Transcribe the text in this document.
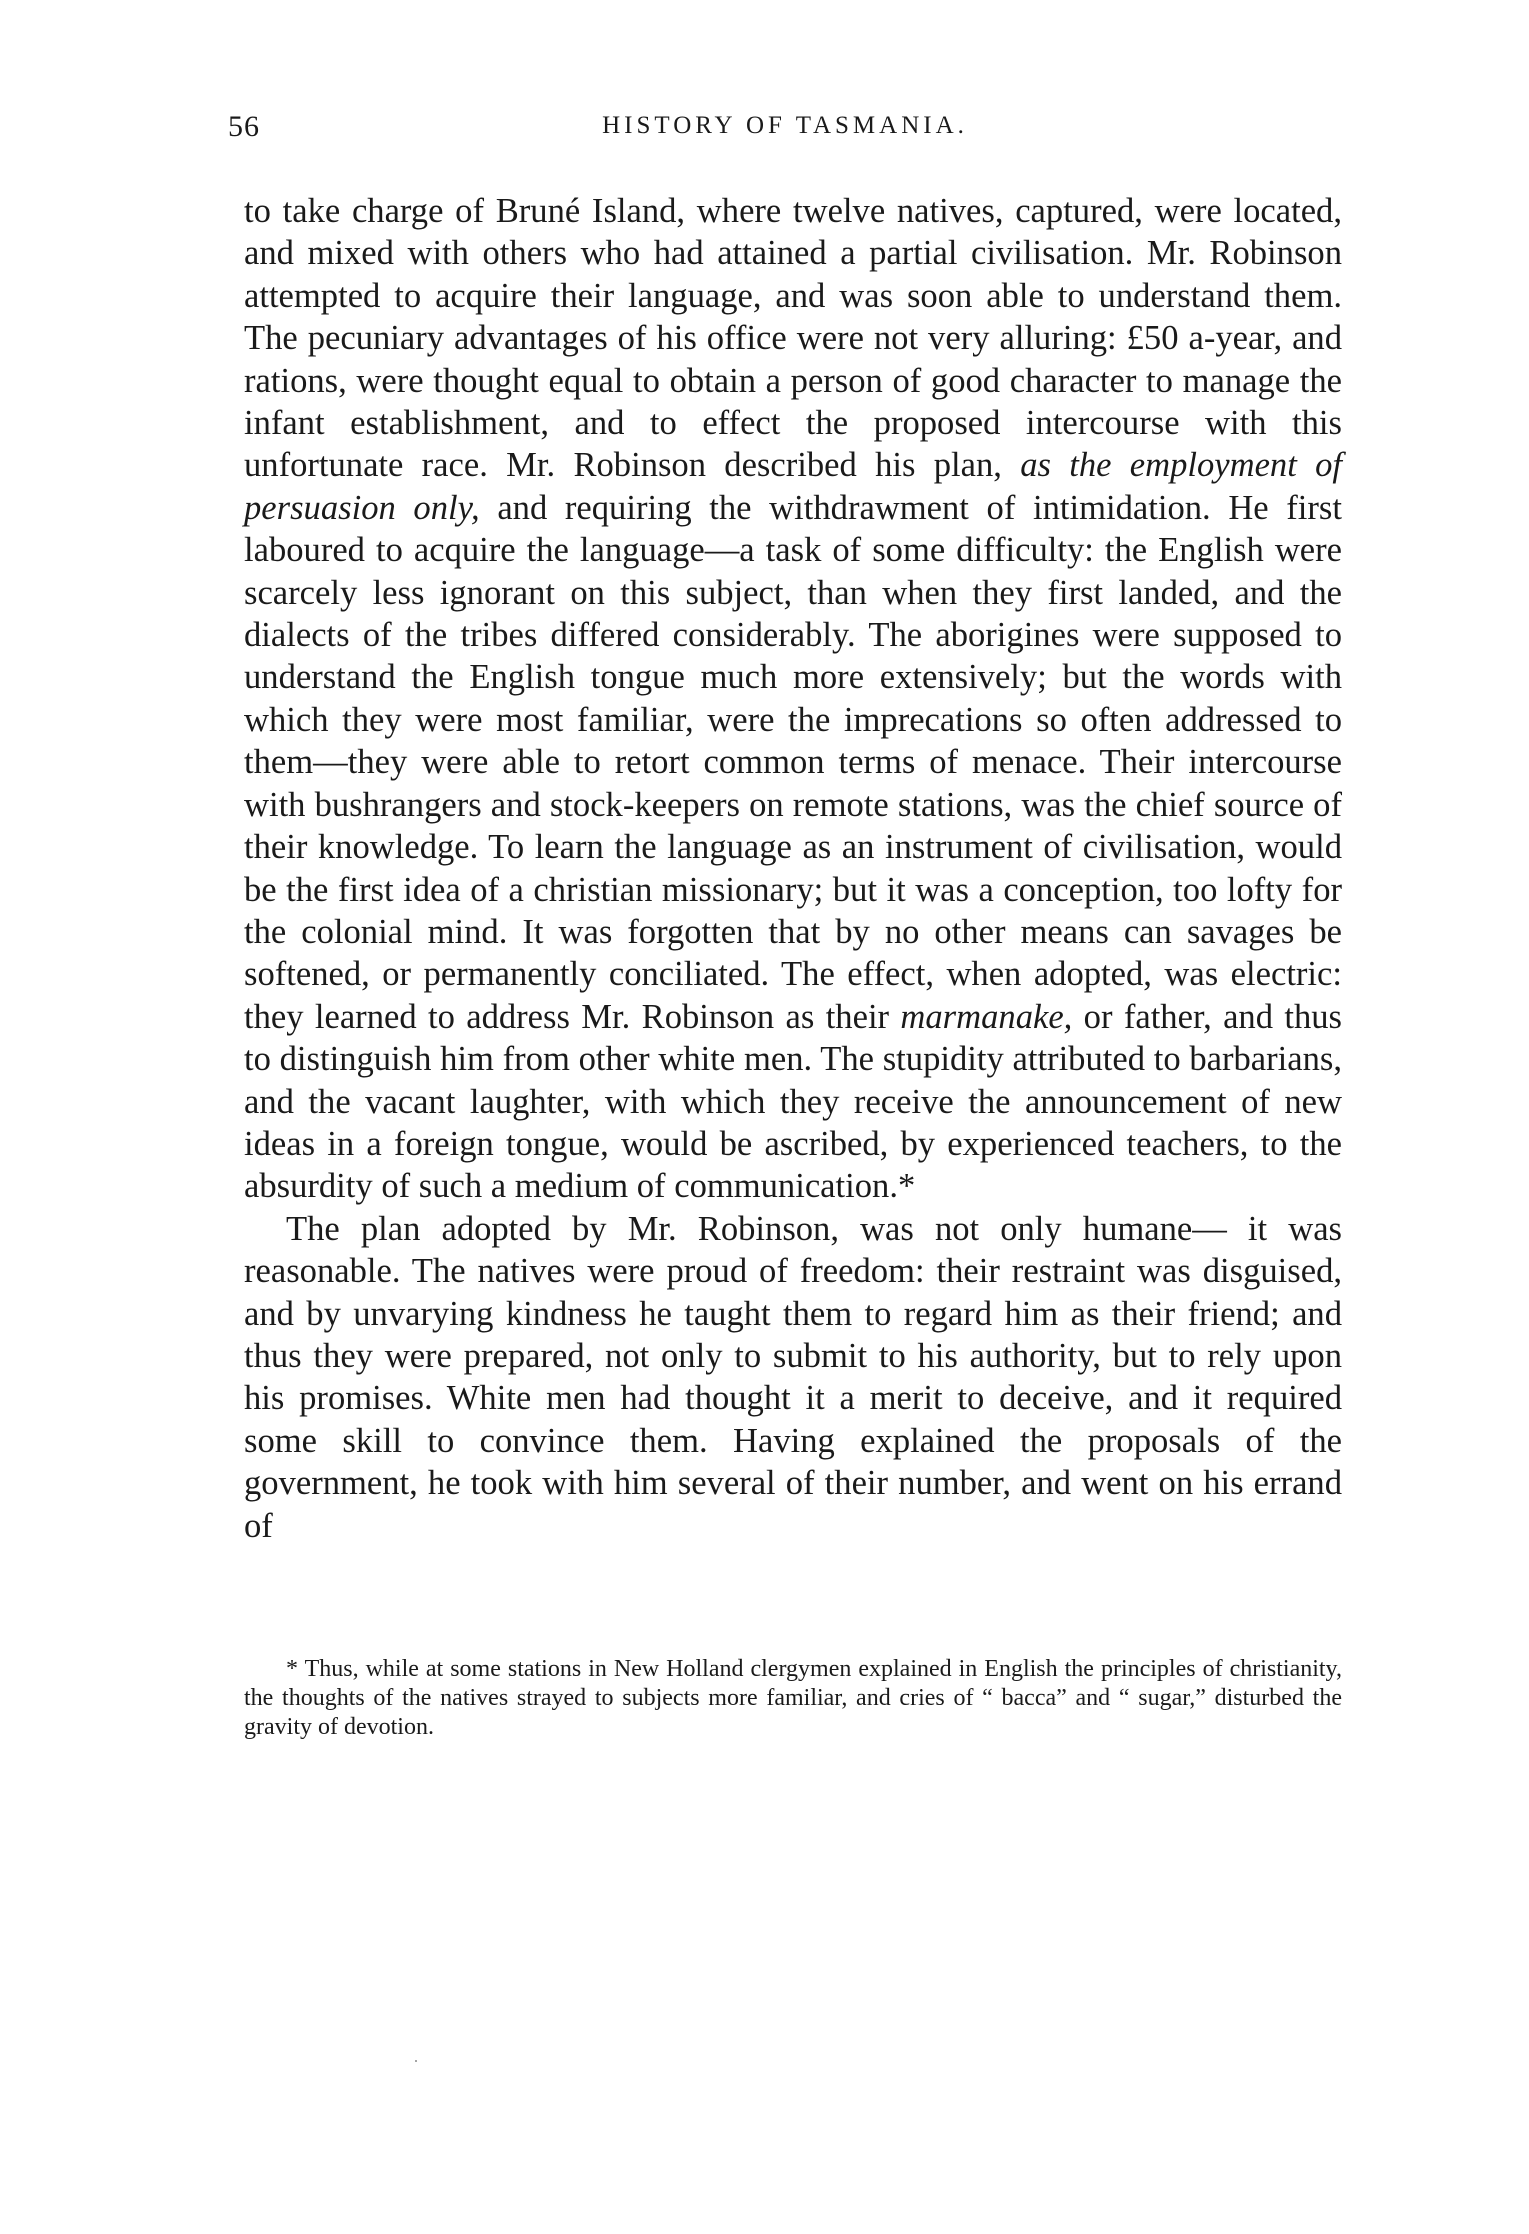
56	HISTORY OF TASMANIA.

to take charge of Bruné Island, where twelve natives, captured, were located, and mixed with others who had attained a partial civilisation. Mr. Robinson attempted to acquire their language, and was soon able to understand them. The pecuniary advantages of his office were not very alluring: £50 a-year, and rations, were thought equal to obtain a person of good character to manage the infant establishment, and to effect the proposed intercourse with this unfortunate race. Mr. Robinson described his plan, as the employment of persuasion only, and requiring the withdrawment of intimidation. He first laboured to acquire the language—a task of some difficulty: the English were scarcely less ignorant on this subject, than when they first landed, and the dialects of the tribes differed considerably. The aborigines were supposed to understand the English tongue much more extensively; but the words with which they were most familiar, were the imprecations so often addressed to them—they were able to retort common terms of menace. Their intercourse with bushrangers and stock-keepers on remote stations, was the chief source of their knowledge. To learn the language as an instrument of civilisation, would be the first idea of a christian missionary; but it was a conception, too lofty for the colonial mind. It was forgotten that by no other means can savages be softened, or permanently conciliated. The effect, when adopted, was electric: they learned to address Mr. Robinson as their marmanake, or father, and thus to distinguish him from other white men. The stupidity attributed to barbarians, and the vacant laughter, with which they receive the announcement of new ideas in a foreign tongue, would be ascribed, by experienced teachers, to the absurdity of such a medium of communication.*

The plan adopted by Mr. Robinson, was not only humane— it was reasonable. The natives were proud of freedom: their restraint was disguised, and by unvarying kindness he taught them to regard him as their friend; and thus they were prepared, not only to submit to his authority, but to rely upon his promises. White men had thought it a merit to deceive, and it required some skill to convince them. Having explained the proposals of the government, he took with him several of their number, and went on his errand of

* Thus, while at some stations in New Holland clergymen explained in English the principles of christianity, the thoughts of the natives strayed to subjects more familiar, and cries of “ bacca” and “ sugar,” disturbed the gravity of devotion.
